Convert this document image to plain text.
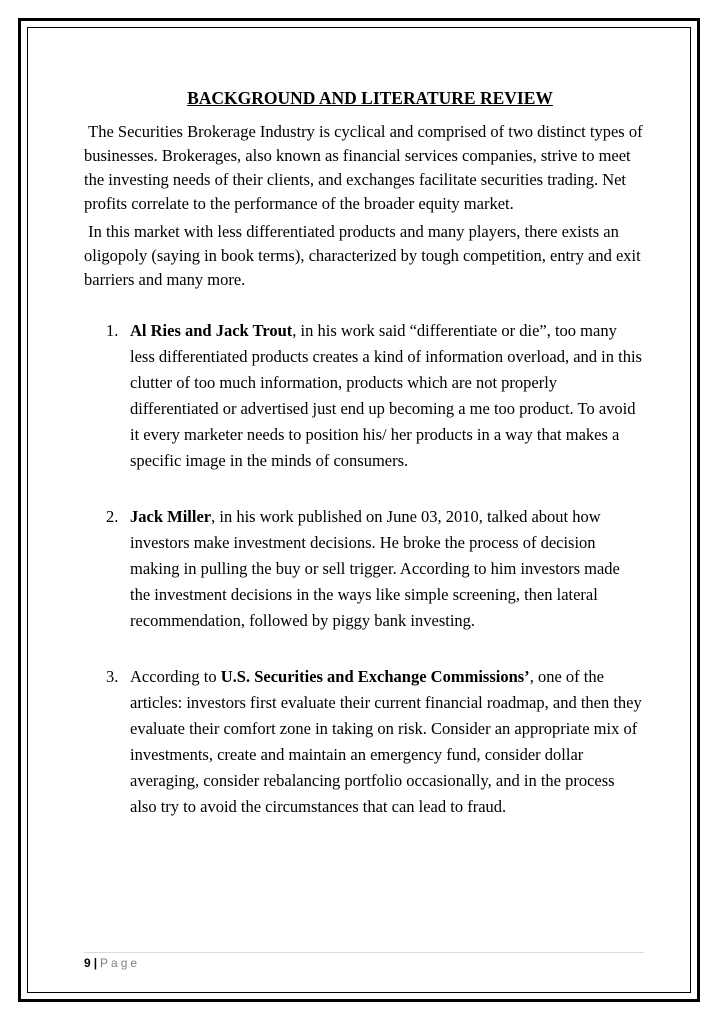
BACKGROUND AND LITERATURE REVIEW

The Securities Brokerage Industry is cyclical and comprised of two distinct types of businesses. Brokerages, also known as financial services companies, strive to meet the investing needs of their clients, and exchanges facilitate securities trading. Net profits correlate to the performance of the broader equity market.

In this market with less differentiated products and many players, there exists an oligopoly (saying in book terms), characterized by tough competition, entry and exit barriers and many more.

1. Al Ries and Jack Trout, in his work said “differentiate or die”, too many less differentiated products creates a kind of information overload, and in this clutter of too much information, products which are not properly differentiated or advertised just end up becoming a me too product. To avoid it every marketer needs to position his/ her products in a way that makes a specific image in the minds of consumers.
2. Jack Miller, in his work published on June 03, 2010, talked about how investors make investment decisions. He broke the process of decision making in pulling the buy or sell trigger. According to him investors made the investment decisions in the ways like simple screening, then lateral recommendation, followed by piggy bank investing.
3. According to U.S. Securities and Exchange Commissions’, one of the articles: investors first evaluate their current financial roadmap, and then they evaluate their comfort zone in taking on risk. Consider an appropriate mix of investments, create and maintain an emergency fund, consider dollar averaging, consider rebalancing portfolio occasionally, and in the process also try to avoid the circumstances that can lead to fraud.
9 | Page
